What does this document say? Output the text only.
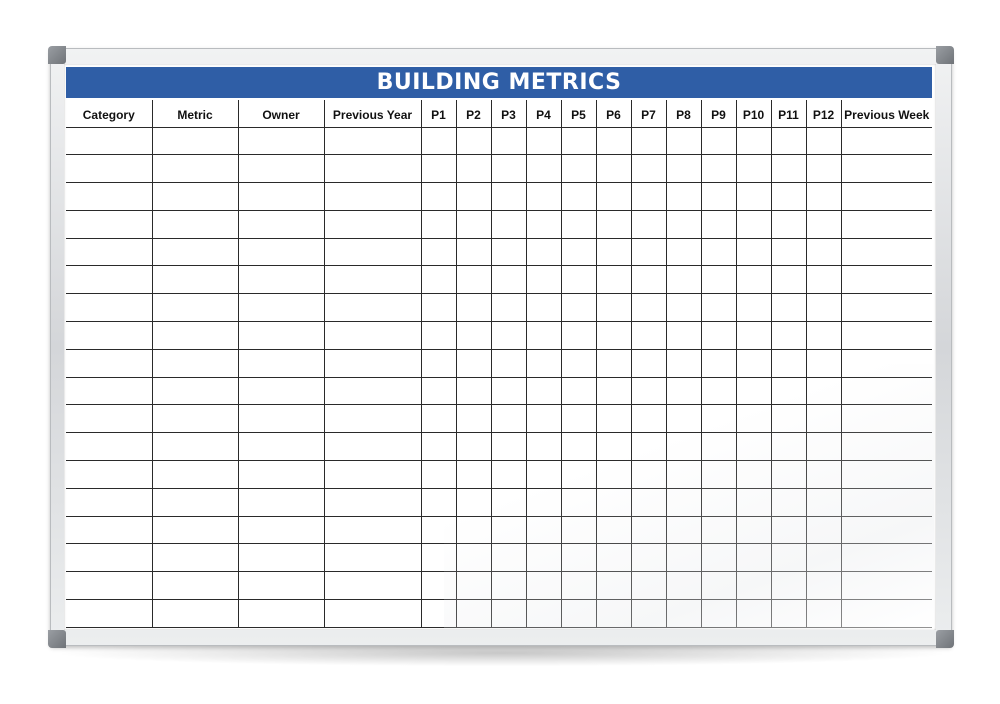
BUILDING METRICS
Category	Metric	Owner	Previous Year	P1	P2	P3	P4	P5	P6	P7	P8	P9	P10	P11	P12	Previous Week
